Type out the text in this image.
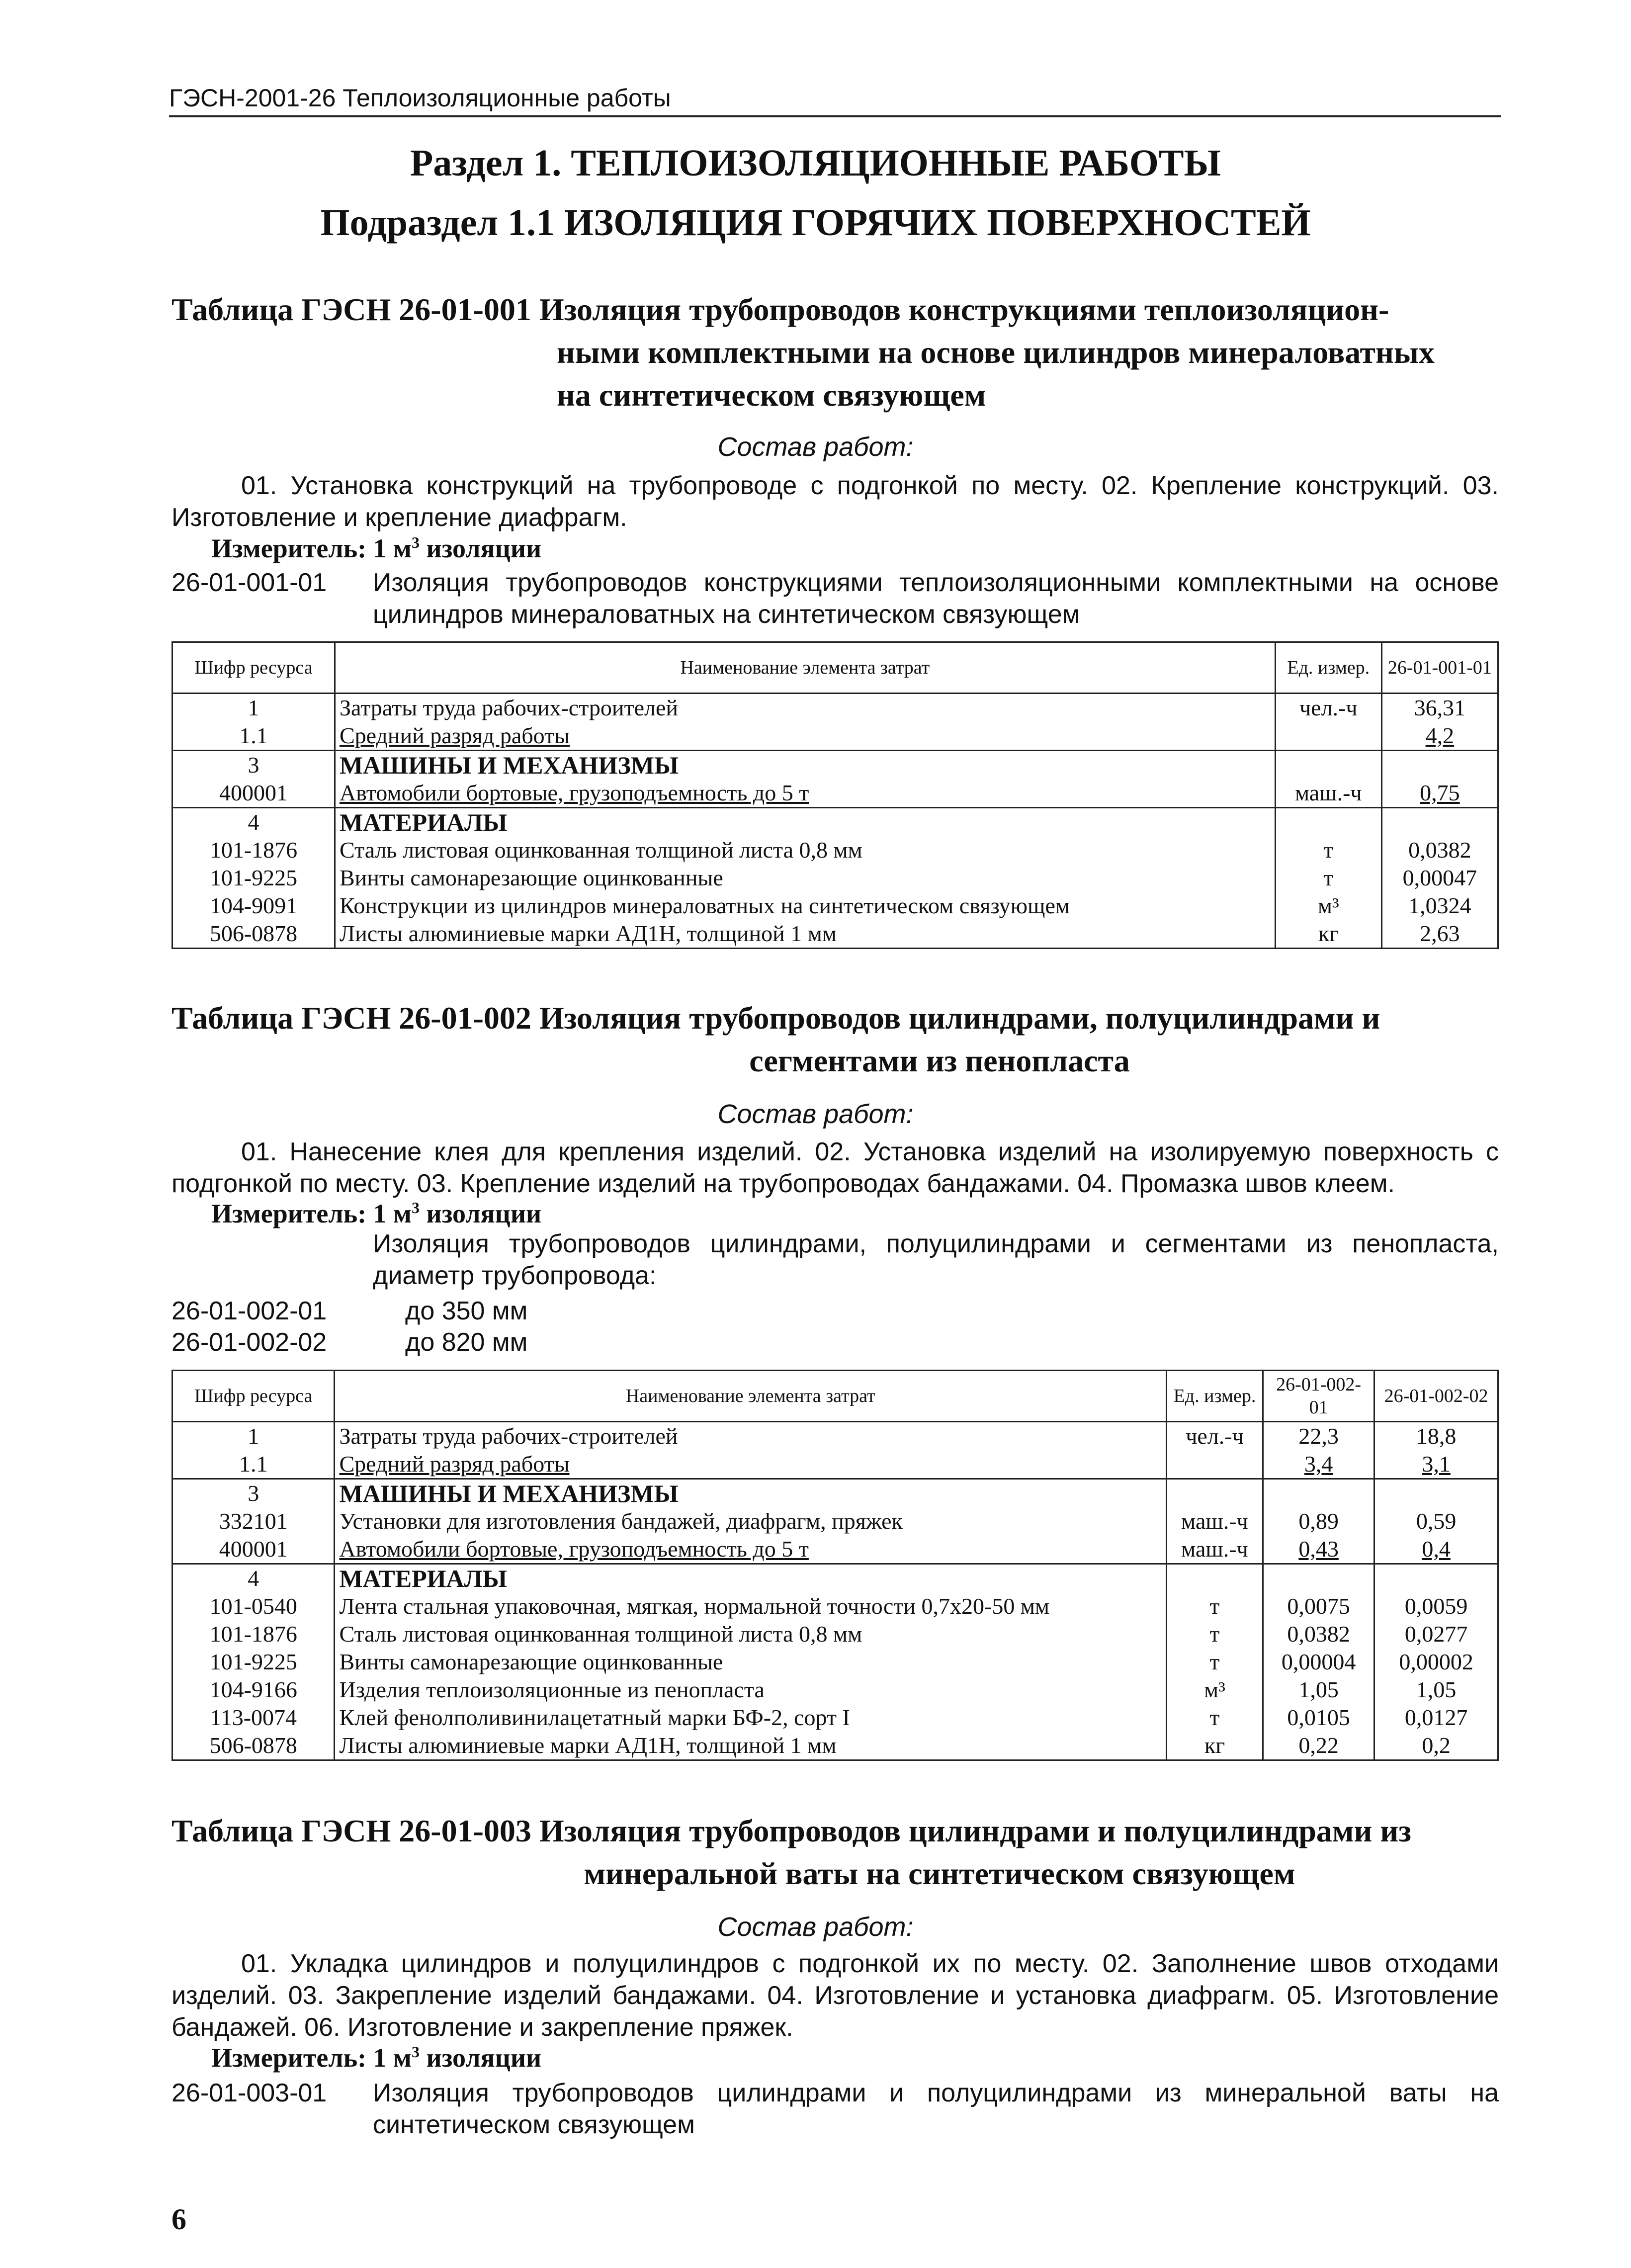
ГЭСН-2001-26 Теплоизоляционные работы
Раздел 1. ТЕПЛОИЗОЛЯЦИОННЫЕ РАБОТЫ
Подраздел 1.1 ИЗОЛЯЦИЯ ГОРЯЧИХ ПОВЕРХНОСТЕЙ
Таблица ГЭСН 26-01-001 Изоляция трубопроводов конструкциями теплоизоляцион-
ными комплектными на основе цилиндров минераловатных
на синтетическом связующем
Состав работ:
01. Установка конструкций на трубопроводе с подгонкой по месту. 02. Крепление конструкций. 03. Изготовление и крепление диафрагм.
Измеритель: 1 $м^3$ изоляции
26-01-001-01	Изоляция трубопроводов конструкциями теплоизоляционными комплектными на основе цилиндров минераловатных на синтетическом связующем
Шифр ресурса	Наименование элемента затрат	Ед. измер.	26-01-001-01
1	Затраты труда рабочих-строителей	чел.-ч	36,31
1.1	Средний разряд работы		4,2
3	МАШИНЫ И МЕХАНИЗМЫ		
400001	Автомобили бортовые, грузоподъемность до 5 т	маш.-ч	0,75
4	МАТЕРИАЛЫ		
101-1876	Сталь листовая оцинкованная толщиной листа 0,8 мм	т	0,0382
101-9225	Винты самонарезающие оцинкованные	т	0,00047
104-9091	Конструкции из цилиндров минераловатных на синтетическом связующем	м³	1,0324
506-0878	Листы алюминиевые марки АД1Н, толщиной 1 мм	кг	2,63
Таблица ГЭСН 26-01-002 Изоляция трубопроводов цилиндрами, полуцилиндрами и
сегментами из пенопласта
Состав работ:
01. Нанесение клея для крепления изделий. 02. Установка изделий на изолируемую поверхность с подгонкой по месту. 03. Крепление изделий на трубопроводах бандажами. 04. Промазка швов клеем.
Измеритель: 1 $м^3$ изоляции
Изоляция трубопроводов цилиндрами, полуцилиндрами и сегментами из пенопласта, диаметр трубопровода:
26-01-002-01	до 350 мм
26-01-002-02	до 820 мм
Шифр ресурса	Наименование элемента затрат	Ед. измер.	26-01-002-01	26-01-002-02
1	Затраты труда рабочих-строителей	чел.-ч	22,3	18,8
1.1	Средний разряд работы		3,4	3,1
3	МАШИНЫ И МЕХАНИЗМЫ			
332101	Установки для изготовления бандажей, диафрагм, пряжек	маш.-ч	0,89	0,59
400001	Автомобили бортовые, грузоподъемность до 5 т	маш.-ч	0,43	0,4
4	МАТЕРИАЛЫ			
101-0540	Лента стальная упаковочная, мягкая, нормальной точности 0,7х20-50 мм	т	0,0075	0,0059
101-1876	Сталь листовая оцинкованная толщиной листа 0,8 мм	т	0,0382	0,0277
101-9225	Винты самонарезающие оцинкованные	т	0,00004	0,00002
104-9166	Изделия теплоизоляционные из пенопласта	м³	1,05	1,05
113-0074	Клей фенолполивинилацетатный марки БФ-2, сорт I	т	0,0105	0,0127
506-0878	Листы алюминиевые марки АД1Н, толщиной 1 мм	кг	0,22	0,2
Таблица ГЭСН 26-01-003 Изоляция трубопроводов цилиндрами и полуцилиндрами из
минеральной ваты на синтетическом связующем
Состав работ:
01. Укладка цилиндров и полуцилиндров с подгонкой их по месту. 02. Заполнение швов отходами изделий. 03. Закрепление изделий бандажами. 04. Изготовление и установка диафрагм. 05. Изготовление бандажей. 06. Изготовление и закрепление пряжек.
Измеритель: 1 $м^3$ изоляции
26-01-003-01	Изоляция трубопроводов цилиндрами и полуцилиндрами из минеральной ваты на синтетическом связующем
6
